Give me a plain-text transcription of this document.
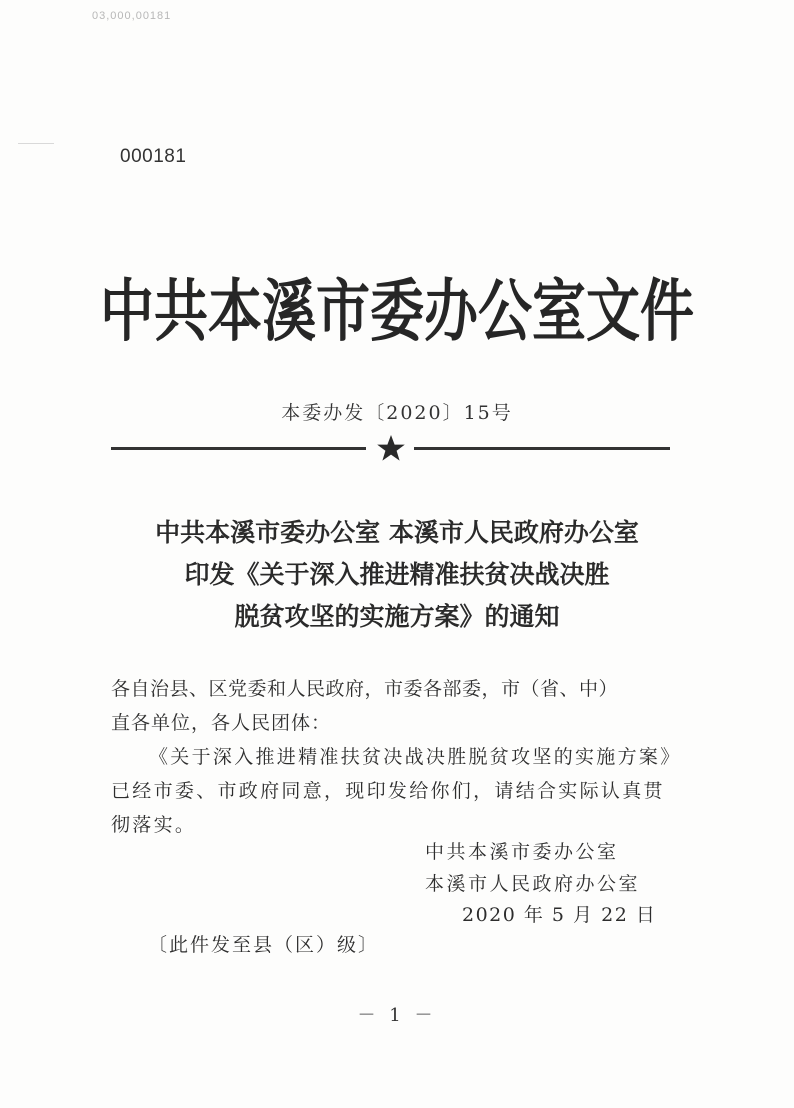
03,000,00181
000181
中共本溪市委办公室文件
本委办发〔2020〕15号
中共本溪市委办公室 本溪市人民政府办公室
印发《关于深入推进精准扶贫决战决胜
脱贫攻坚的实施方案》的通知

各自治县、区党委和人民政府，市委各部委，市（省、中）

直各单位，各人民团体：

《关于深入推进精准扶贫决战决胜脱贫攻坚的实施方案》已经市委、市政府同意，现印发给你们，请结合实际认真贯彻落实。

中共本溪市委办公室
本溪市人民政府办公室
2020 年 5 月 22 日
〔此件发至县（区）级〕
－ 1 －
